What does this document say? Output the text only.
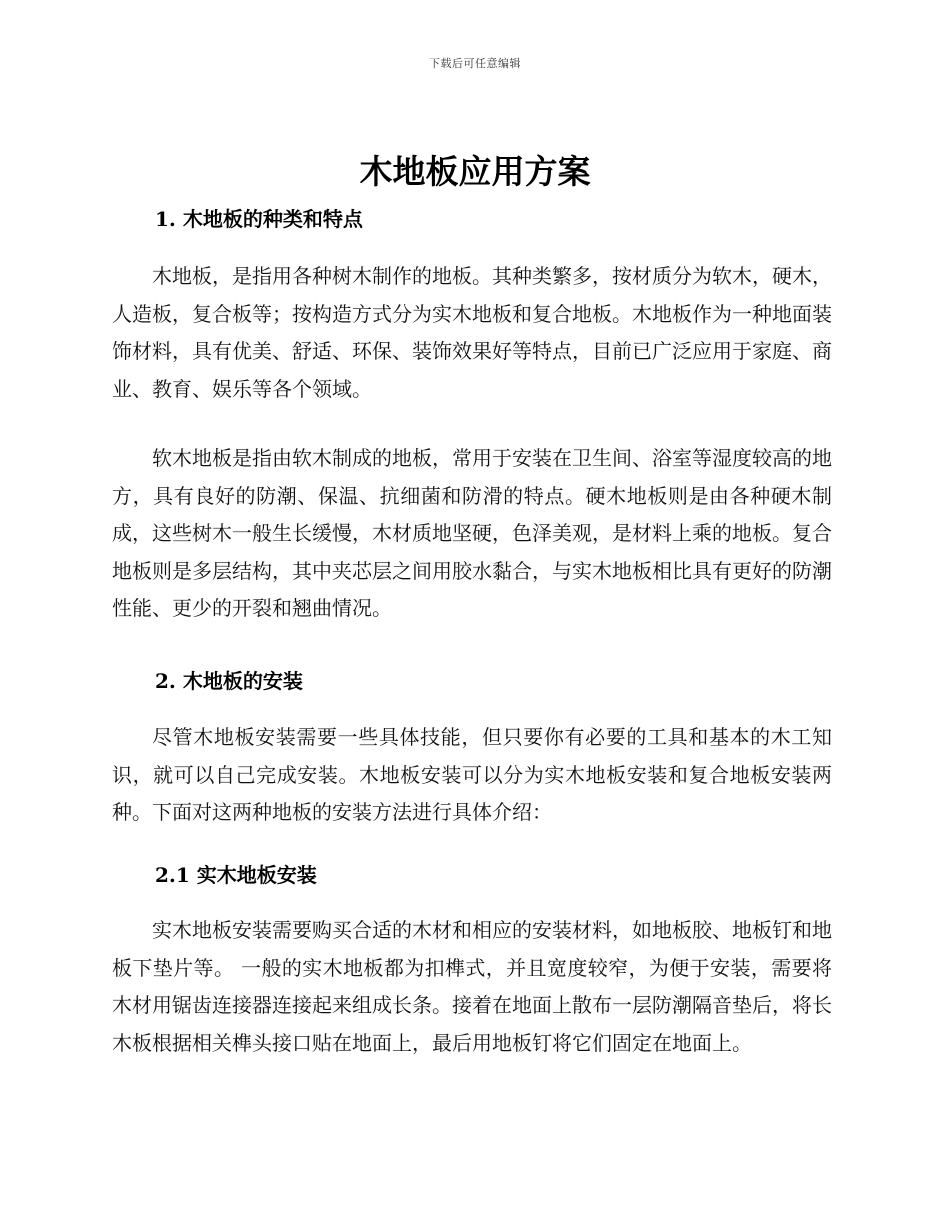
下载后可任意编辑
木地板应用方案
1. 木地板的种类和特点

木地板，是指用各种树木制作的地板。其种类繁多，按材质分为软木，硬木，人造板，复合板等；按构造方式分为实木地板和复合地板。木地板作为一种地面装饰材料，具有优美、舒适、环保、装饰效果好等特点，目前已广泛应用于家庭、商业、教育、娱乐等各个领域。

软木地板是指由软木制成的地板，常用于安装在卫生间、浴室等湿度较高的地方，具有良好的防潮、保温、抗细菌和防滑的特点。硬木地板则是由各种硬木制成，这些树木一般生长缓慢，木材质地坚硬，色泽美观，是材料上乘的地板。复合地板则是多层结构，其中夹芯层之间用胶水黏合，与实木地板相比具有更好的防潮性能、更少的开裂和翘曲情况。

2. 木地板的安装

尽管木地板安装需要一些具体技能，但只要你有必要的工具和基本的木工知识，就可以自己完成安装。木地板安装可以分为实木地板安装和复合地板安装两种。下面对这两种地板的安装方法进行具体介绍：

2.1 实木地板安装

实木地板安装需要购买合适的木材和相应的安装材料，如地板胶、地板钉和地板下垫片等。 一般的实木地板都为扣榫式，并且宽度较窄，为便于安装，需要将木材用锯齿连接器连接起来组成长条。接着在地面上散布一层防潮隔音垫后，将长木板根据相关榫头接口贴在地面上，最后用地板钉将它们固定在地面上。
